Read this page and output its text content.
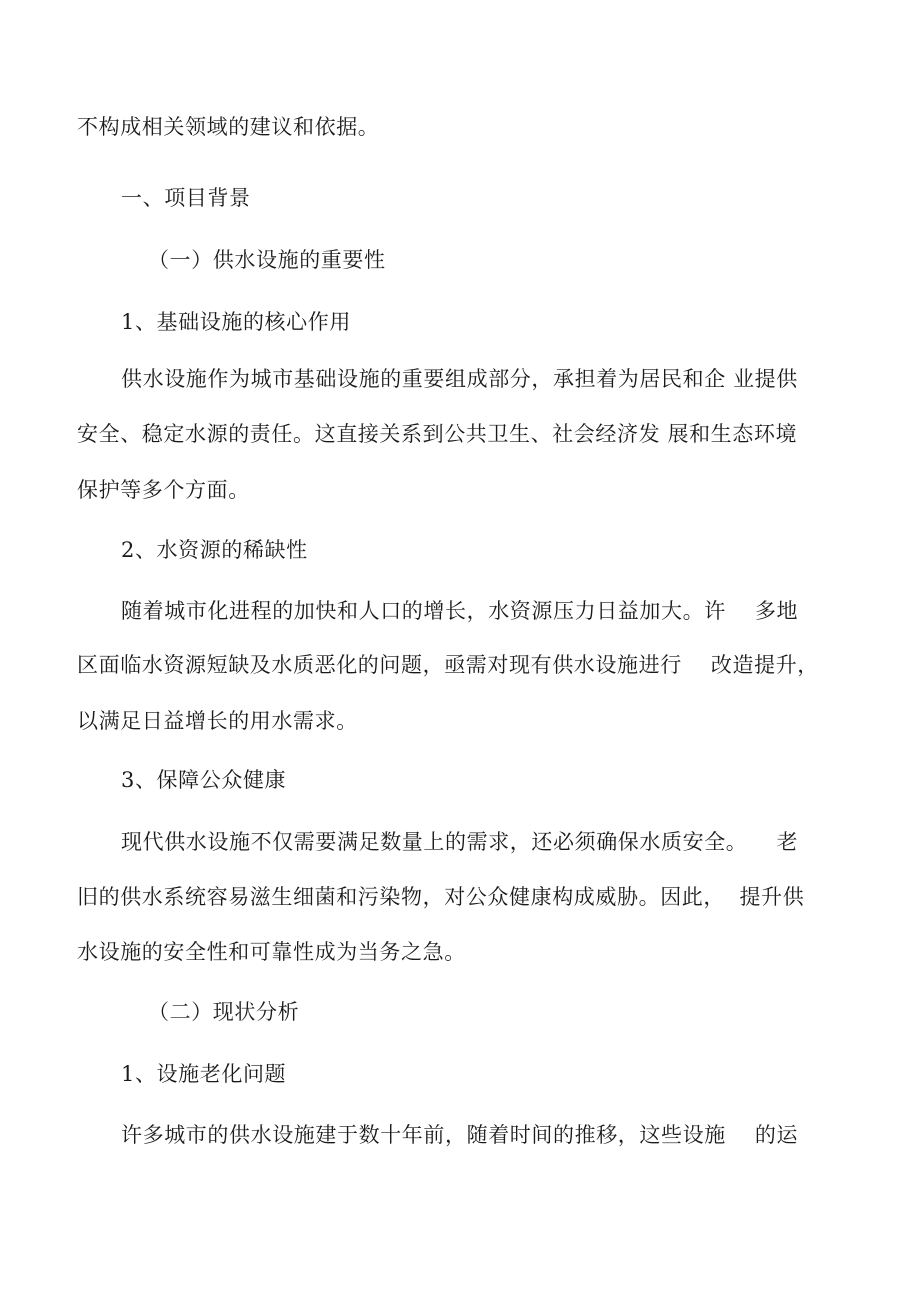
不构成相关领域的建议和依据。
一、项目背景
（一）供水设施的重要性
1、基础设施的核心作用
供水设施作为城市基础设施的重要组成部分，承担着为居民和企 业提供
安全、稳定水源的责任。这直接关系到公共卫生、社会经济发 展和生态环境
保护等多个方面。
2、水资源的稀缺性
随着城市化进程的加快和人口的增长，水资源压力日益加大。许    多地
区面临水资源短缺及水质恶化的问题，亟需对现有供水设施进行    改造提升，
以满足日益增长的用水需求。
3、保障公众健康
现代供水设施不仅需要满足数量上的需求，还必须确保水质安全。    老
旧的供水系统容易滋生细菌和污染物，对公众健康构成威胁。因此，  提升供
水设施的安全性和可靠性成为当务之急。
（二）现状分析
1、设施老化问题
许多城市的供水设施建于数十年前，随着时间的推移，这些设施    的运
